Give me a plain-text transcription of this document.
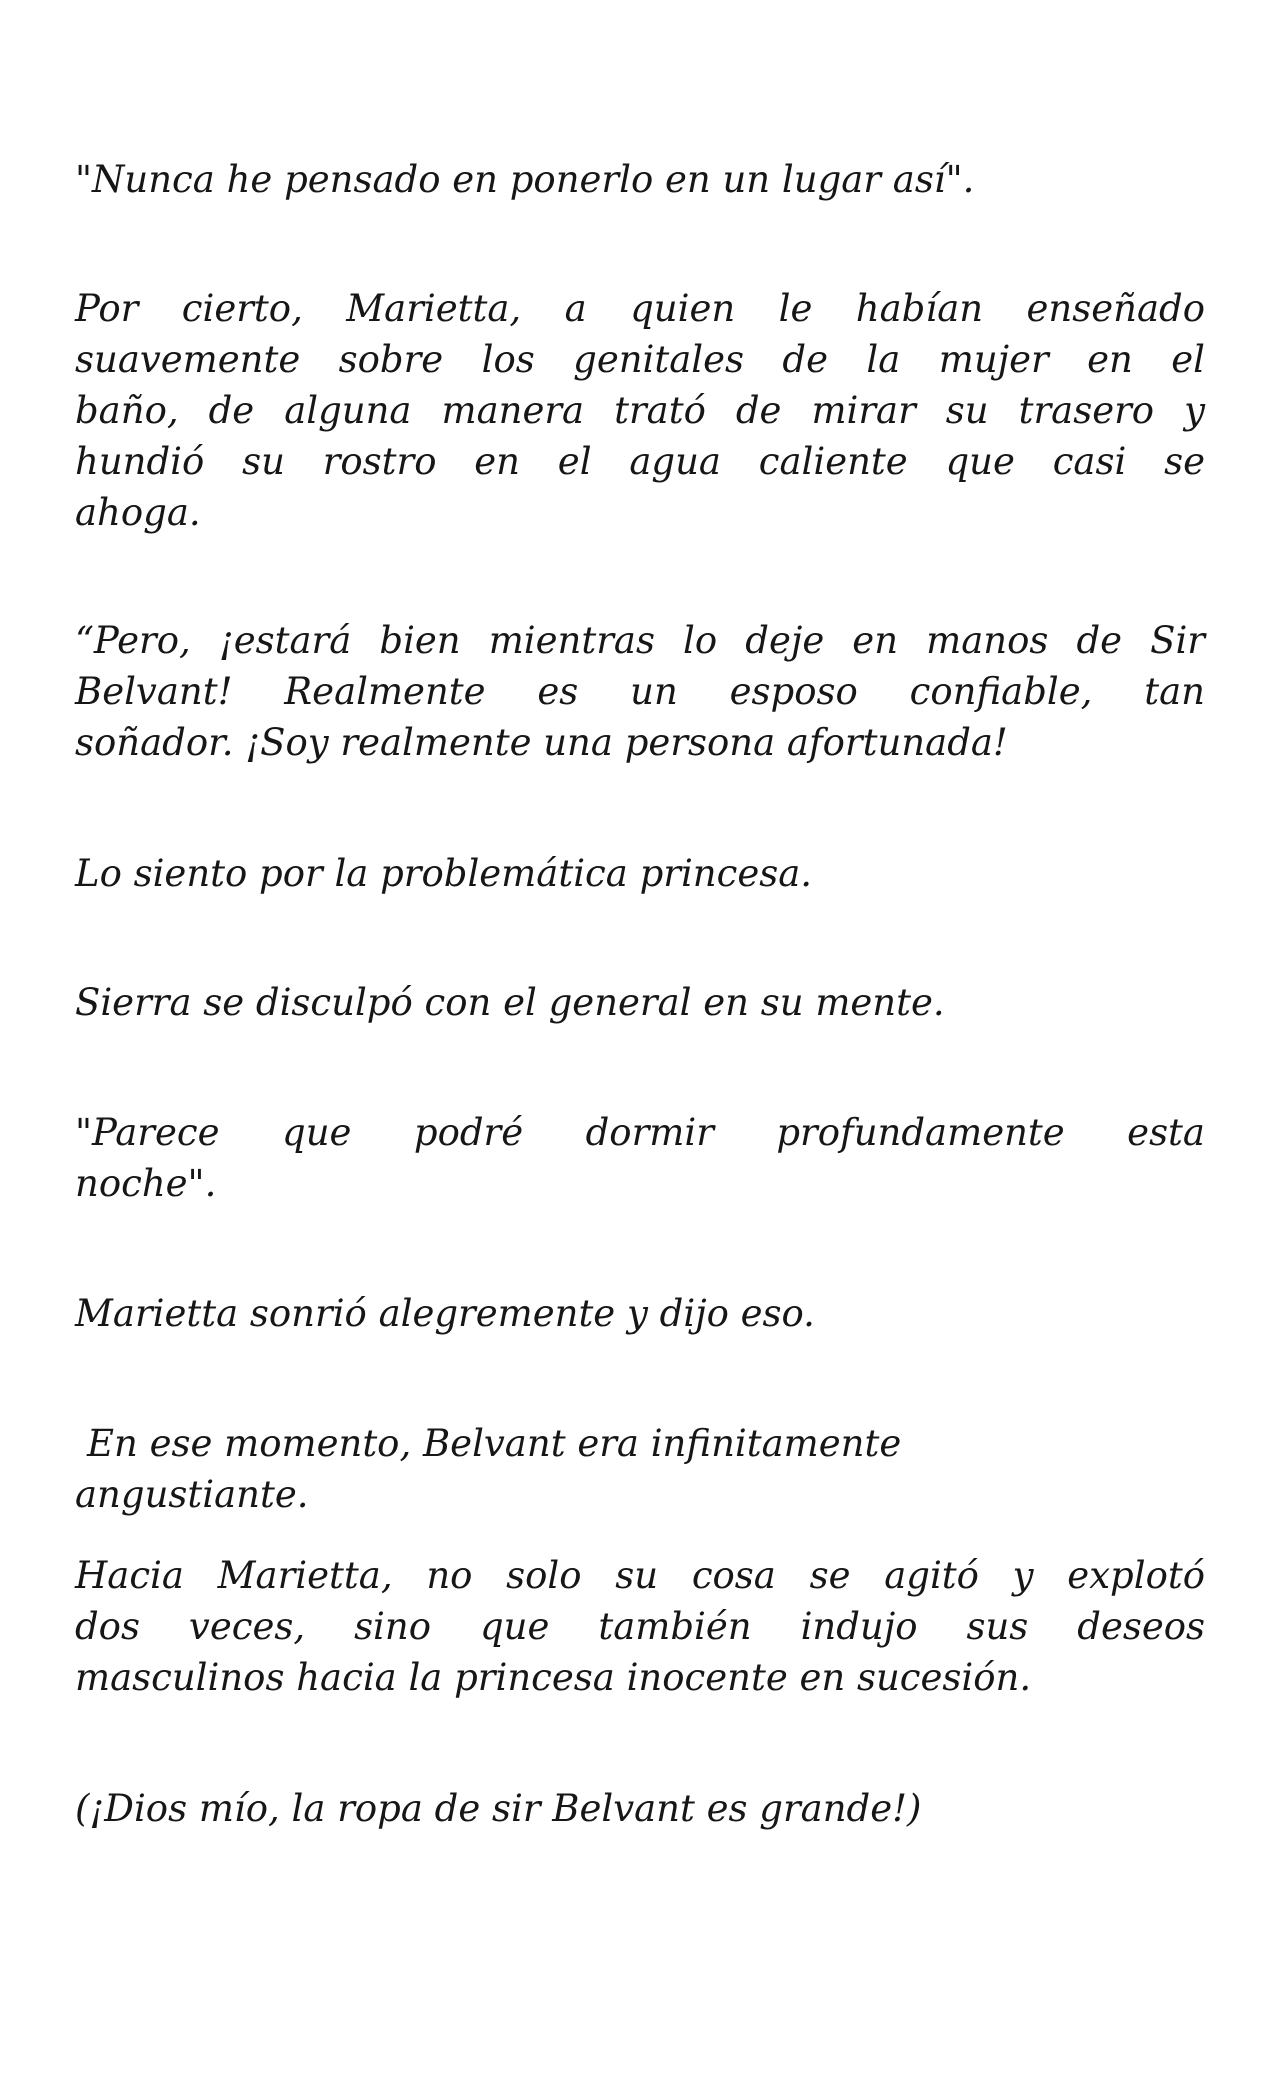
"Nunca he pensado en ponerlo en un lugar así".

Por cierto, Marietta, a quien le habían enseñado
suavemente sobre los genitales de la mujer en el
baño, de alguna manera trató de mirar su trasero y
hundió su rostro en el agua caliente que casi se
ahoga.

“Pero, ¡estará bien mientras lo deje en manos de Sir
Belvant! Realmente es un esposo confiable, tan
soñador. ¡Soy realmente una persona afortunada!

Lo siento por la problemática princesa.

Sierra se disculpó con el general en su mente.

"Parece que podré dormir profundamente esta
noche".

Marietta sonrió alegremente y dijo eso.

En ese momento, Belvant era infinitamente
angustiante.

Hacia Marietta, no solo su cosa se agitó y explotó
dos veces, sino que también indujo sus deseos
masculinos hacia la princesa inocente en sucesión.

(¡Dios mío, la ropa de sir Belvant es grande!)
